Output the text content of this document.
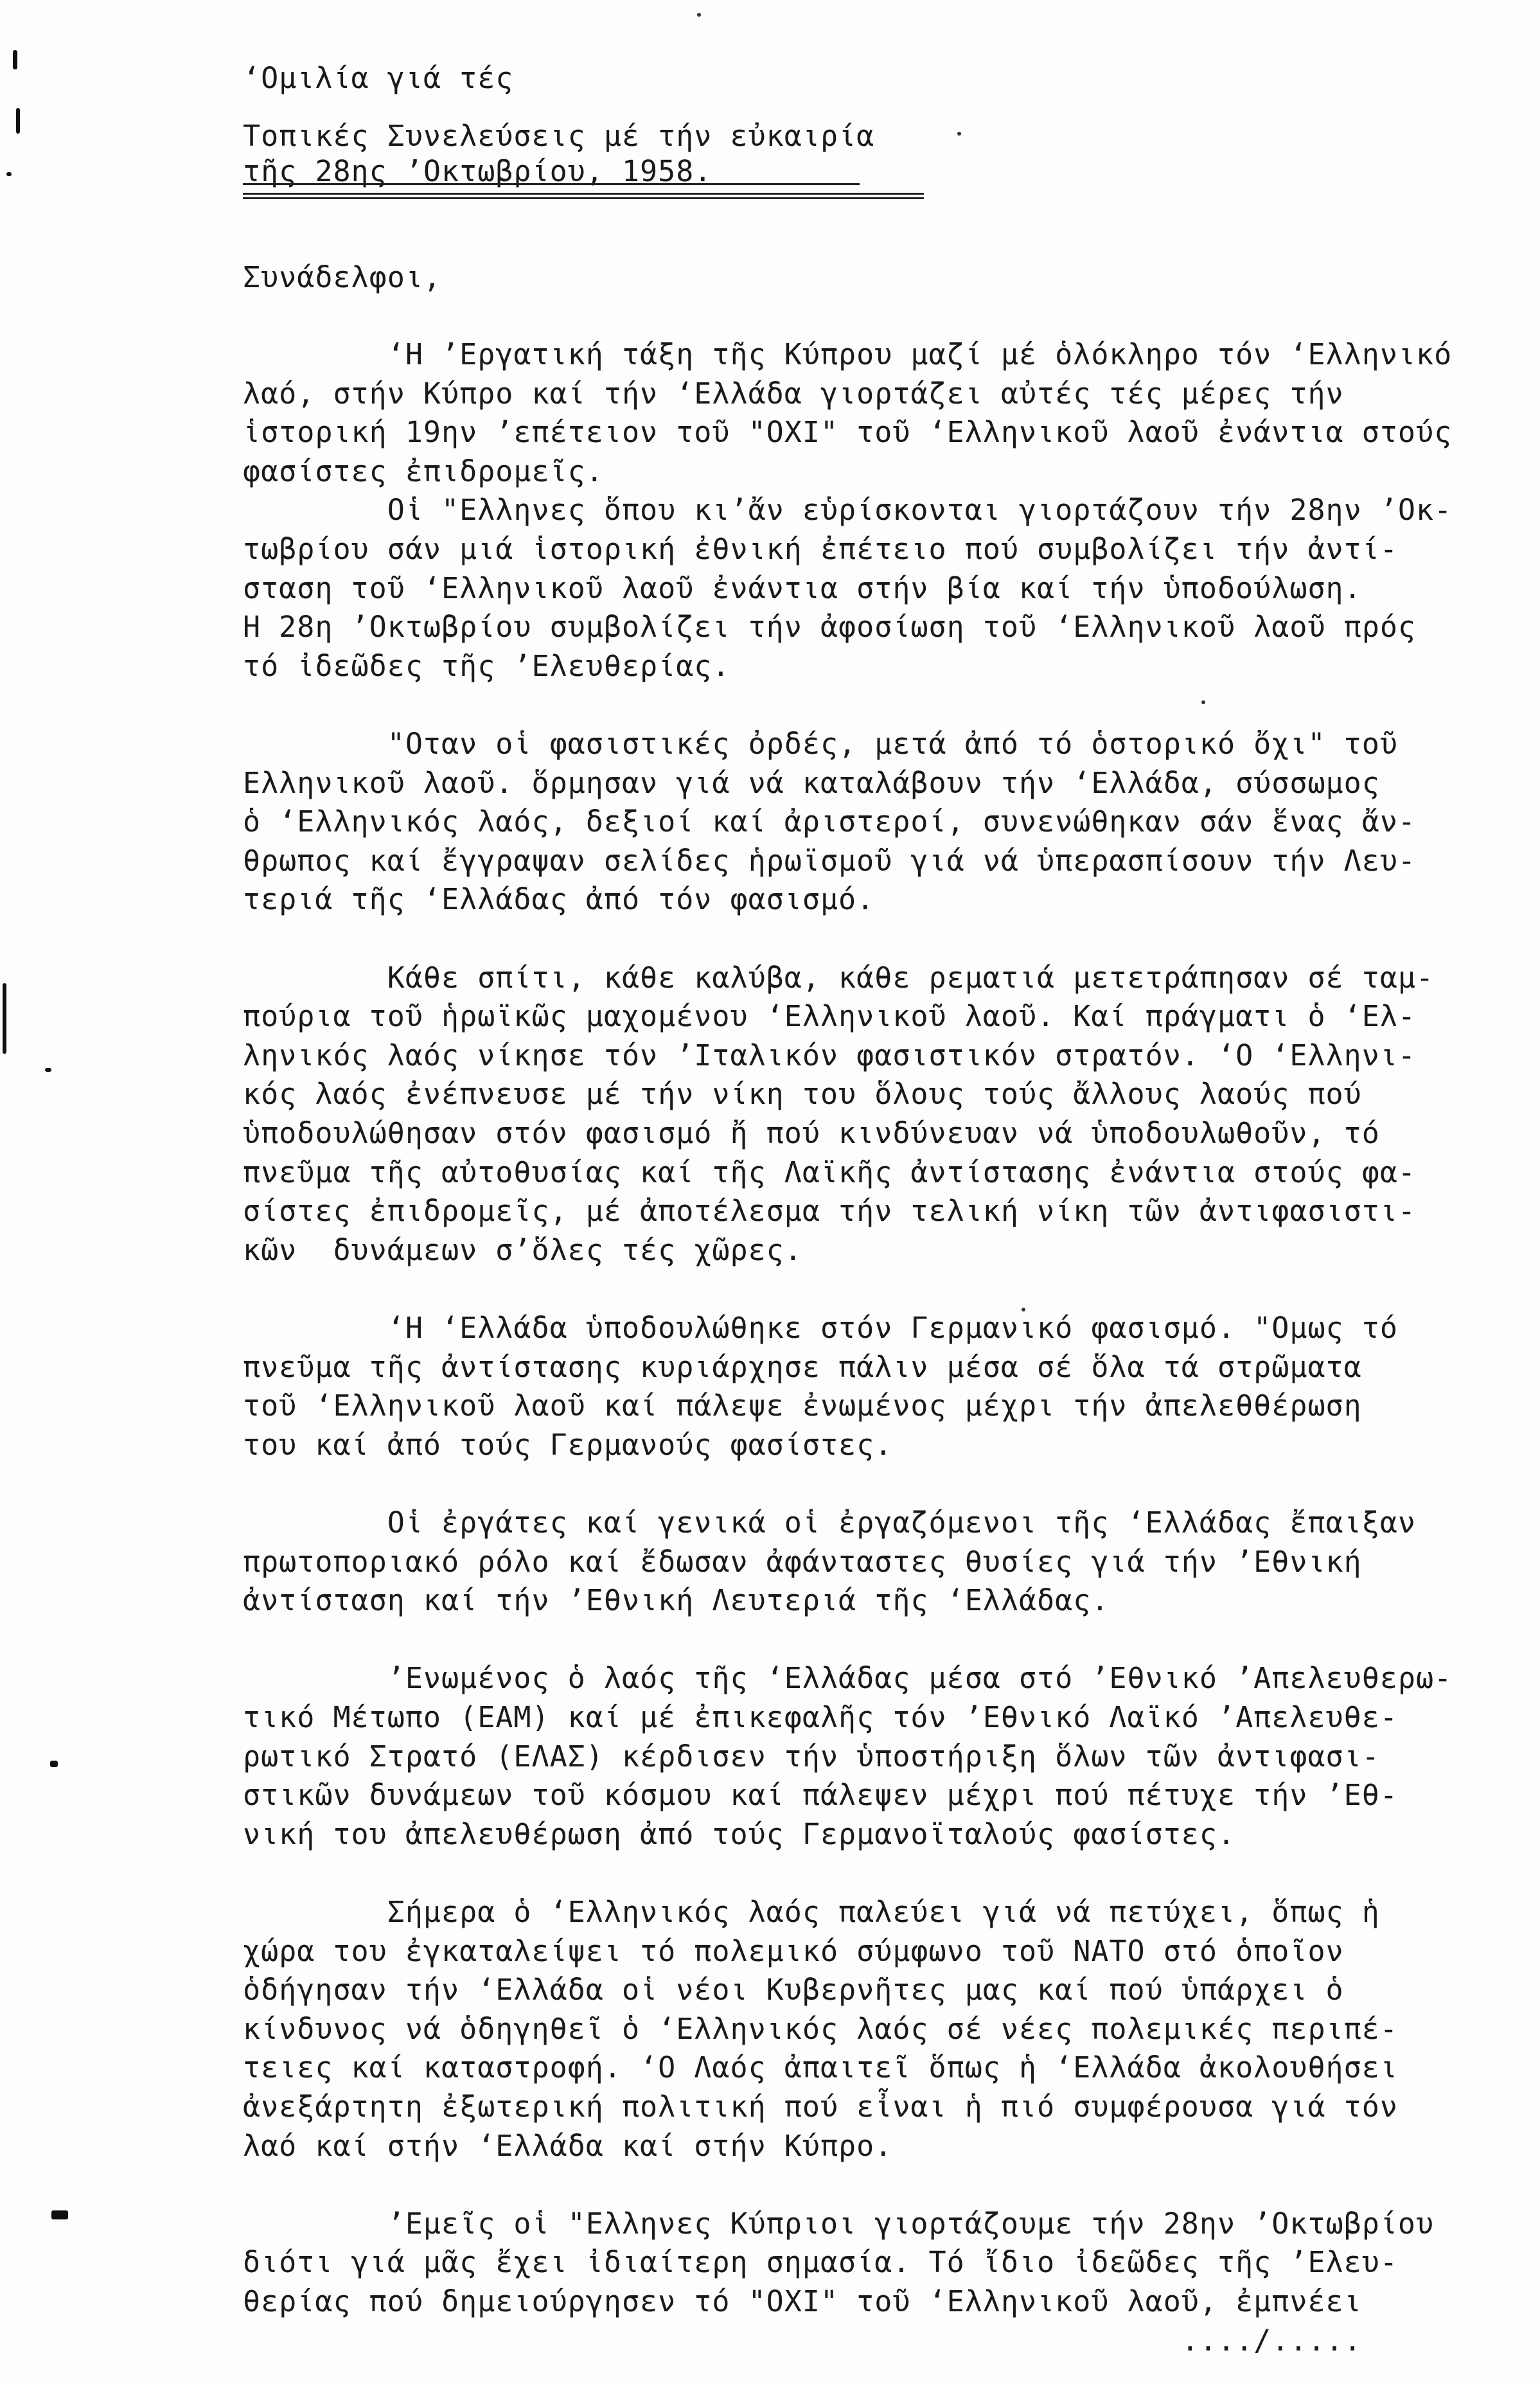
‘Ομιλία γιά τές
Τοπικές Συνελεύσεις μέ τήν εὐκαιρία
τῆς 28ης ’Οκτωβρίου, 1958.
Συνάδελφοι,
‘Η ’Εργατική τάξη τῆς Κύπρου μαζί μέ ὁλόκληρο τόν ‘Ελληνικό
λαό, στήν Κύπρο καί τήν ‘Ελλάδα γιορτάζει αὐτές τές μέρες τήν
ἱστορική 19ην ’επέτειον τοῦ "ΟΧΙ" τοῦ ‘Ελληνικοῦ λαοῦ ἐνάντια στούς
φασίστες ἐπιδρομεῖς.
Οἱ "Ελληνες ὅπου κι’ἄν εὑρίσκονται γιορτάζουν τήν 28ην ’Οκ-
τωβρίου σάν μιά ἱστορική ἐθνική ἐπέτειο πού συμβολίζει τήν ἀντί-
σταση τοῦ ‘Ελληνικοῦ λαοῦ ἐνάντια στήν βία καί τήν ὑποδούλωση.
Η 28η ’Οκτωβρίου συμβολίζει τήν ἀφοσίωση τοῦ ‘Ελληνικοῦ λαοῦ πρός
τό ἰδεῶδες τῆς ’Ελευθερίας.
"Οταν οἱ φασιστικές ὀρδές, μετά ἀπό τό ὁστορικό ὄχι" τοῦ
Ελληνικοῦ λαοῦ. ὅρμησαν γιά νά καταλάβουν τήν ‘Ελλάδα, σύσσωμος
ὁ ‘Ελληνικός λαός, δεξιοί καί ἀριστεροί, συνενώθηκαν σάν ἕνας ἄν-
θρωπος καί ἔγγραψαν σελίδες ἡρωϊσμοῦ γιά νά ὑπερασπίσουν τήν Λευ-
τεριά τῆς ‘Ελλάδας ἀπό τόν φασισμό.
Κάθε σπίτι, κάθε καλύβα, κάθε ρεματιά μετετράπησαν σέ ταμ-
πούρια τοῦ ἡρωϊκῶς μαχομένου ‘Ελληνικοῦ λαοῦ. Καί πράγματι ὁ ‘Ελ-
ληνικός λαός νίκησε τόν ’Ιταλικόν φασιστικόν στρατόν. ‘Ο ‘Ελληνι-
κός λαός ἐνέπνευσε μέ τήν νίκη του ὅλους τούς ἄλλους λαούς πού
ὑποδουλώθησαν στόν φασισμό ἤ πού κινδύνευαν νά ὑποδουλωθοῦν, τό
πνεῦμα τῆς αὐτοθυσίας καί τῆς Λαϊκῆς ἀντίστασης ἐνάντια στούς φα-
σίστες ἐπιδρομεῖς, μέ ἀποτέλεσμα τήν τελική νίκη τῶν ἀντιφασιστι-
κῶν  δυνάμεων σ’ὅλες τές χῶρες.
‘Η ‘Ελλάδα ὑποδουλώθηκε στόν Γερμανικό φασισμό. "Ομως τό
πνεῦμα τῆς ἀντίστασης κυριάρχησε πάλιν μέσα σέ ὅλα τά στρῶματα
τοῦ ‘Ελληνικοῦ λαοῦ καί πάλεψε ἐνωμένος μέχρι τήν ἀπελεθθέρωση
του καί ἀπό τούς Γερμανούς φασίστες.
Οἱ ἐργάτες καί γενικά οἱ ἐργαζόμενοι τῆς ‘Ελλάδας ἔπαιξαν
πρωτοποριακό ρόλο καί ἔδωσαν ἀφάνταστες θυσίες γιά τήν ’Εθνική
ἀντίσταση καί τήν ’Εθνική Λευτεριά τῆς ‘Ελλάδας.
’Ενωμένος ὁ λαός τῆς ‘Ελλάδας μέσα στό ’Εθνικό ’Απελευθερω-
τικό Μέτωπο (ΕΑΜ) καί μέ ἐπικεφαλῆς τόν ’Εθνικό Λαϊκό ’Απελευθε-
ρωτικό Στρατό (ΕΛΑΣ) κέρδισεν τήν ὑποστήριξη ὅλων τῶν ἀντιφασι-
στικῶν δυνάμεων τοῦ κόσμου καί πάλεψεν μέχρι πού πέτυχε τήν ’Εθ-
νική του ἀπελευθέρωση ἀπό τούς Γερμανοϊταλούς φασίστες.
Σήμερα ὁ ‘Ελληνικός λαός παλεύει γιά νά πετύχει, ὅπως ἡ
χώρα του ἐγκαταλείψει τό πολεμικό σύμφωνο τοῦ ΝΑΤΟ στό ὁποῖον
ὁδήγησαν τήν ‘Ελλάδα οἱ νέοι Κυβερνῆτες μας καί πού ὑπάρχει ὁ
κίνδυνος νά ὁδηγηθεῖ ὁ ‘Ελληνικός λαός σέ νέες πολεμικές περιπέ-
τειες καί καταστροφή. ‘Ο Λαός ἀπαιτεῖ ὅπως ἡ ‘Ελλάδα ἀκολουθήσει
ἀνεξάρτητη ἐξωτερική πολιτική πού εἶναι ἡ πιό συμφέρουσα γιά τόν
λαό καί στήν ‘Ελλάδα καί στήν Κύπρο.
’Εμεῖς οἱ "Ελληνες Κύπριοι γιορτάζουμε τήν 28ην ’Οκτωβρίου
διότι γιά μᾶς ἔχει ἰδιαίτερη σημασία. Τό ἴδιο ἰδεῶδες τῆς ’Ελευ-
θερίας πού δημειούργησεν τό "ΟΧΙ" τοῦ ‘Ελληνικοῦ λαοῦ, ἐμπνέει
..../.....
